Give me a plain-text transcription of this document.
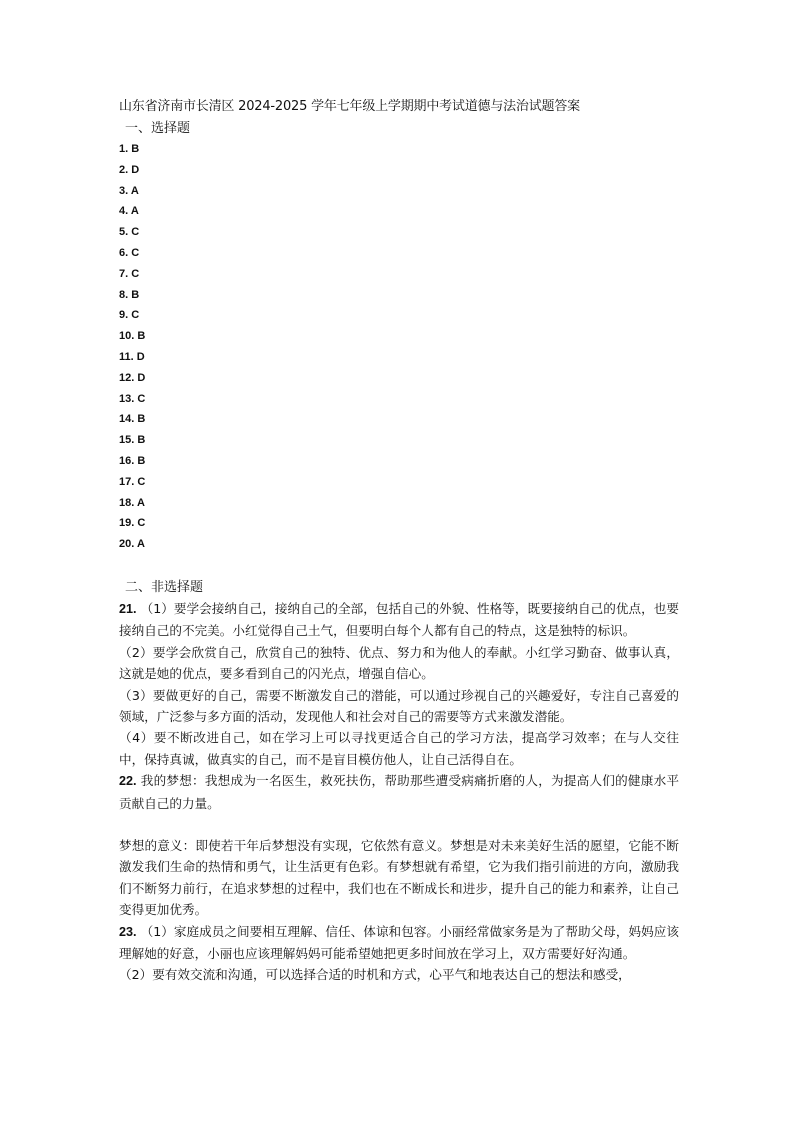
山东省济南市长清区 2024-2025 学年七年级上学期期中考试道德与法治试题答案
一、选择题
1. B
2. D
3. A
4. A
5. C
6. C
7. C
8. B
9. C
10. B
11. D
12. D
13. C
14. B
15. B
16. B
17. C
18. A
19. C
20. A
二、非选择题

21. （1）要学会接纳自己，接纳自己的全部，包括自己的外貌、性格等，既要接纳自己的优点，也要接纳自己的不完美。小红觉得自己土气，但要明白每个人都有自己的特点，这是独特的标识。

（2）要学会欣赏自己，欣赏自己的独特、优点、努力和为他人的奉献。小红学习勤奋、做事认真，这就是她的优点，要多看到自己的闪光点，增强自信心。

（3）要做更好的自己，需要不断激发自己的潜能，可以通过珍视自己的兴趣爱好，专注自己喜爱的领域，广泛参与多方面的活动，发现他人和社会对自己的需要等方式来激发潜能。

（4）要不断改进自己，如在学习上可以寻找更适合自己的学习方法，提高学习效率；在与人交往中，保持真诚，做真实的自己，而不是盲目模仿他人，让自己活得自在。

22. 我的梦想：我想成为一名医生，救死扶伤，帮助那些遭受病痛折磨的人，为提高人们的健康水平贡献自己的力量。

梦想的意义：即使若干年后梦想没有实现，它依然有意义。梦想是对未来美好生活的愿望，它能不断激发我们生命的热情和勇气，让生活更有色彩。有梦想就有希望，它为我们指引前进的方向，激励我们不断努力前行，在追求梦想的过程中，我们也在不断成长和进步，提升自己的能力和素养，让自己变得更加优秀。

23. （1）家庭成员之间要相互理解、信任、体谅和包容。小丽经常做家务是为了帮助父母，妈妈应该理解她的好意，小丽也应该理解妈妈可能希望她把更多时间放在学习上，双方需要好好沟通。

（2）要有效交流和沟通，可以选择合适的时机和方式，心平气和地表达自己的想法和感受，
